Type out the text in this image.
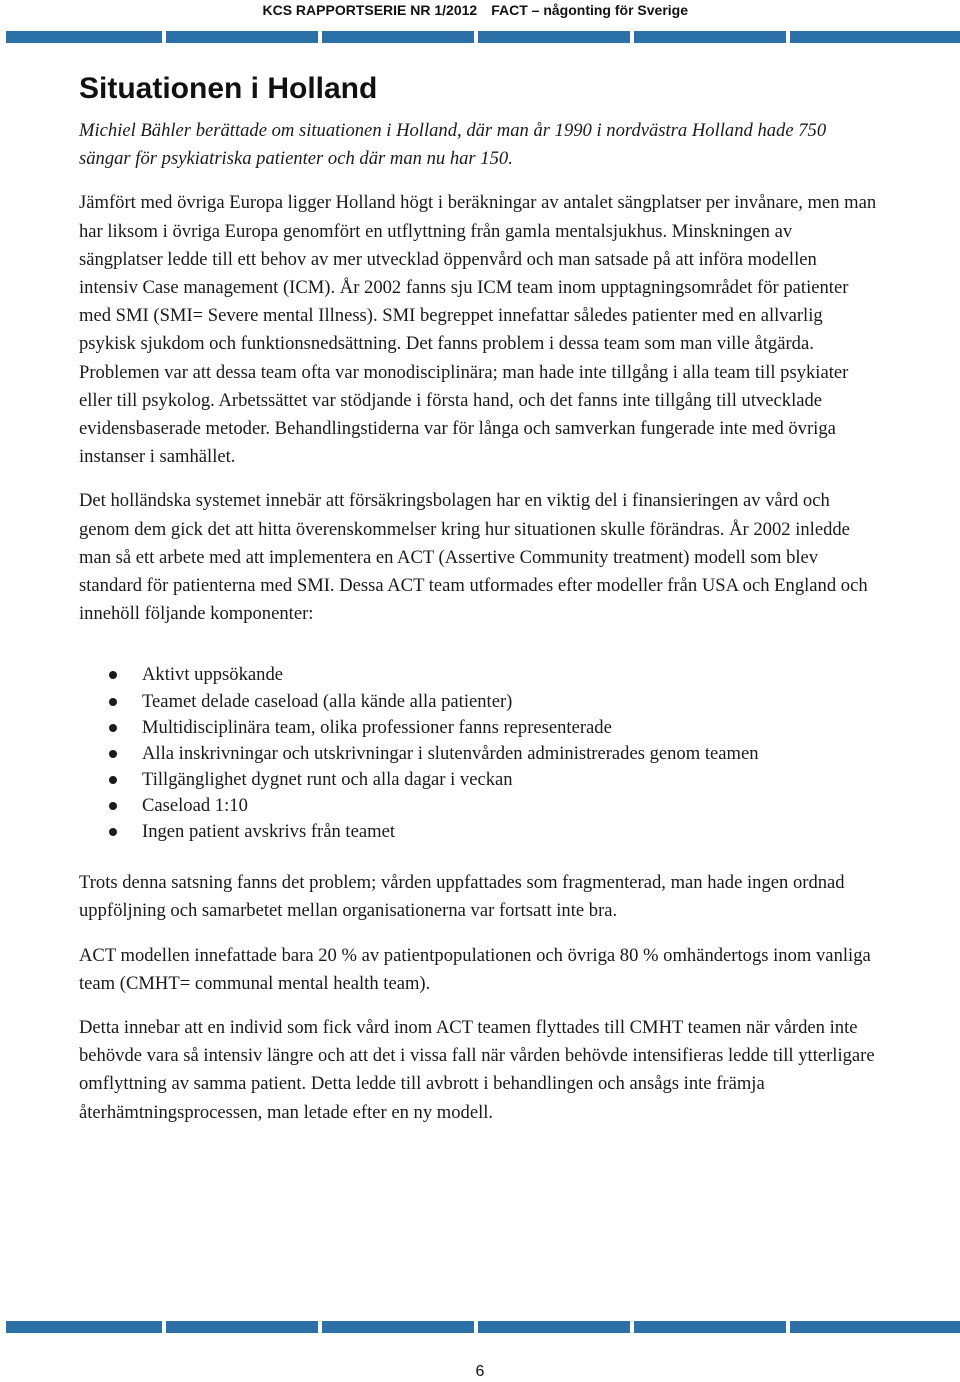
KCS RAPPORTSERIE NR 1/2012 FACT – någonting för Sverige
Situationen i Holland

Michiel Bähler berättade om situationen i Holland, där man år 1990 i nordvästra Holland hade 750 sängar för psykiatriska patienter och där man nu har 150.

Jämfört med övriga Europa ligger Holland högt i beräkningar av antalet sängplatser per invånare, men man har liksom i övriga Europa genomfört en utflyttning från gamla mentalsjukhus. Minskningen av sängplatser ledde till ett behov av mer utvecklad öppenvård och man satsade på att införa modellen intensiv Case management (ICM). År 2002 fanns sju ICM team inom upptagningsområdet för patienter med SMI (SMI= Severe mental Illness). SMI begreppet innefattar således patienter med en allvarlig psykisk sjukdom och funktionsnedsättning. Det fanns problem i dessa team som man ville åtgärda. Problemen var att dessa team ofta var monodisciplinära; man hade inte tillgång i alla team till psykiater eller till psykolog. Arbetssättet var stödjande i första hand, och det fanns inte tillgång till utvecklade evidensbaserade metoder. Behandlingstiderna var för långa och samverkan fungerade inte med övriga instanser i samhället.

Det holländska systemet innebär att försäkringsbolagen har en viktig del i finansieringen av vård och genom dem gick det att hitta överenskommelser kring hur situationen skulle förändras. År 2002 inledde man så ett arbete med att implementera en ACT (Assertive Community treatment) modell som blev standard för patienterna med SMI. Dessa ACT team utformades efter modeller från USA och England och innehöll följande komponenter:

Aktivt uppsökande
Teamet delade caseload (alla kände alla patienter)
Multidisciplinära team, olika professioner fanns representerade
Alla inskrivningar och utskrivningar i slutenvården administrerades genom teamen
Tillgänglighet dygnet runt och alla dagar i veckan
Caseload 1:10
Ingen patient avskrivs från teamet

Trots denna satsning fanns det problem; vården uppfattades som fragmenterad, man hade ingen ordnad uppföljning och samarbetet mellan organisationerna var fortsatt inte bra.

ACT modellen innefattade bara 20 % av patientpopulationen och övriga 80 % omhändertogs inom vanliga team (CMHT= communal mental health team).

Detta innebar att en individ som fick vård inom ACT teamen flyttades till CMHT teamen när vården inte behövde vara så intensiv längre och att det i vissa fall när vården behövde intensifieras ledde till ytterligare omflyttning av samma patient. Detta ledde till avbrott i behandlingen och ansågs inte främja återhämtningsprocessen, man letade efter en ny modell.

6
